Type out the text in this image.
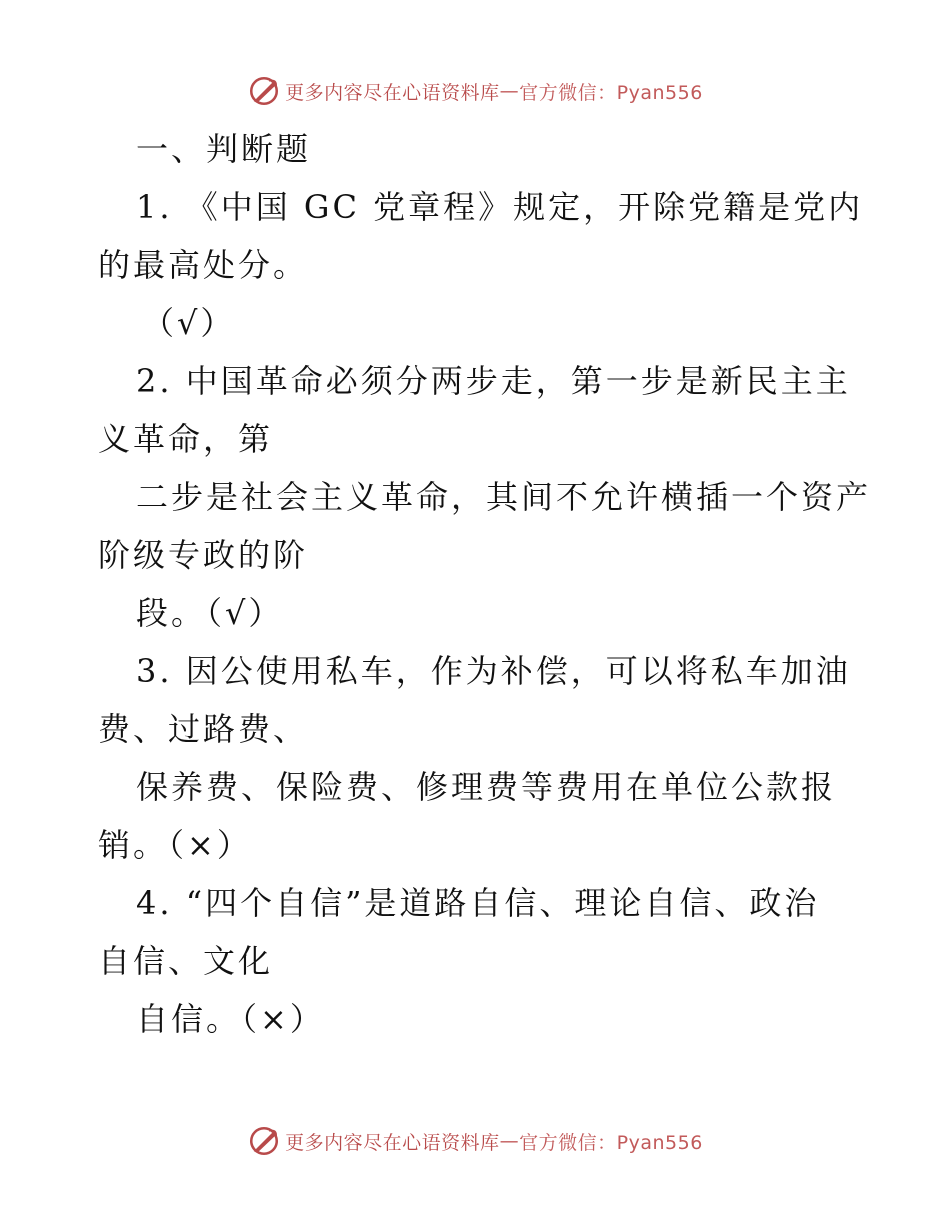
更多内容尽在心语资料库 — 官方微信：Pyan556

一、判断题

1. 《中国 GC 党章程》规定，开除党籍是党内

的最高处分。

（√）

2. 中国革命必须分两步走，第一步是新民主主

义革命，第

二步是社会主义革命，其间不允许横插一个资产

阶级专政的阶

段。（√）

3. 因公使用私车，作为补偿，可以将私车加油

费、过路费、

保养费、保险费、修理费等费用在单位公款报

销。（×）

4. “四个自信”是道路自信、理论自信、政治

自信、文化

自信。（×）

更多内容尽在心语资料库 — 官方微信：Pyan556
